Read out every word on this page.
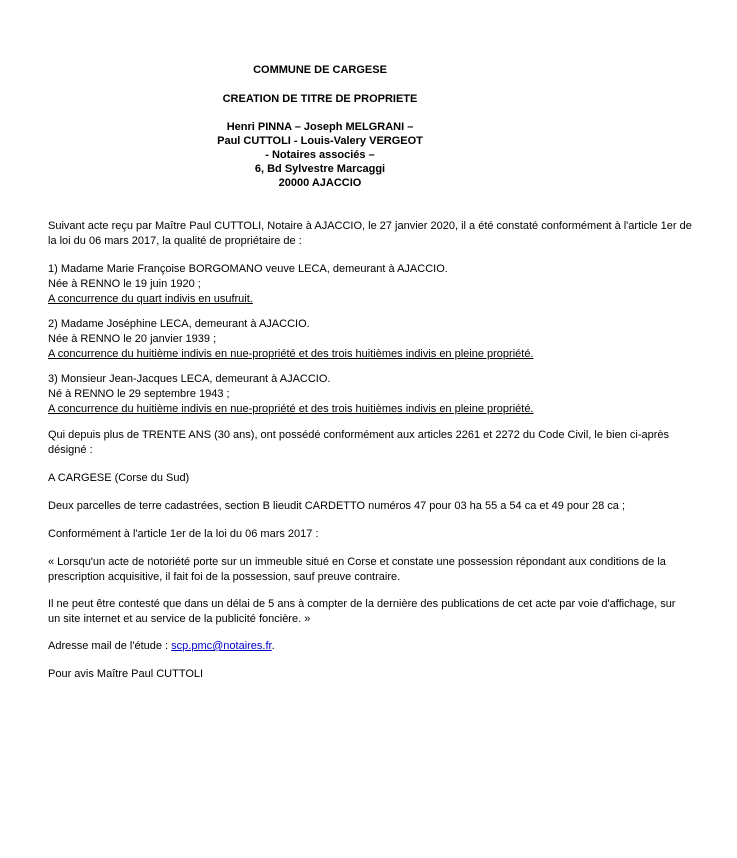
COMMUNE DE CARGESE
CREATION DE TITRE DE PROPRIETE
Henri PINNA – Joseph MELGRANI –
Paul CUTTOLI - Louis-Valery VERGEOT
- Notaires associés –
6, Bd Sylvestre Marcaggi
20000 AJACCIO
Suivant acte reçu par Maître Paul CUTTOLI, Notaire à AJACCIO, le 27 janvier 2020, il a été constaté conformément à l'article 1er de
la loi du 06 mars 2017, la qualité de propriétaire de :
1) Madame Marie Françoise BORGOMANO veuve LECA, demeurant à AJACCIO.
Née à RENNO le 19 juin 1920 ;
A concurrence du quart indivis en usufruit.
2) Madame Joséphine LECA, demeurant à AJACCIO.
Née à RENNO le 20 janvier 1939 ;
A concurrence du huitième indivis en nue-propriété et des trois huitièmes indivis en pleine propriété.
3) Monsieur Jean-Jacques LECA, demeurant à AJACCIO.
Né à RENNO le 29 septembre 1943 ;
A concurrence du huitième indivis en nue-propriété et des trois huitièmes indivis en pleine propriété.
Qui depuis plus de TRENTE ANS (30 ans), ont possédé conformément aux articles 2261 et 2272 du Code Civil, le bien ci-après
désigné :
A CARGESE (Corse du Sud)
Deux parcelles de terre cadastrées, section B lieudit CARDETTO numéros 47 pour 03 ha 55 a 54 ca et 49 pour 28 ca ;
Conformément à l'article 1er de la loi du 06 mars 2017 :
« Lorsqu'un acte de notoriété porte sur un immeuble situé en Corse et constate une possession répondant aux conditions de la
prescription acquisitive, il fait foi de la possession, sauf preuve contraire.
Il ne peut être contesté que dans un délai de 5 ans à compter de la dernière des publications de cet acte par voie d'affichage, sur
un site internet et au service de la publicité foncière. »
Adresse mail de l'étude : scp.pmc@notaires.fr.
Pour avis Maître Paul CUTTOLI
